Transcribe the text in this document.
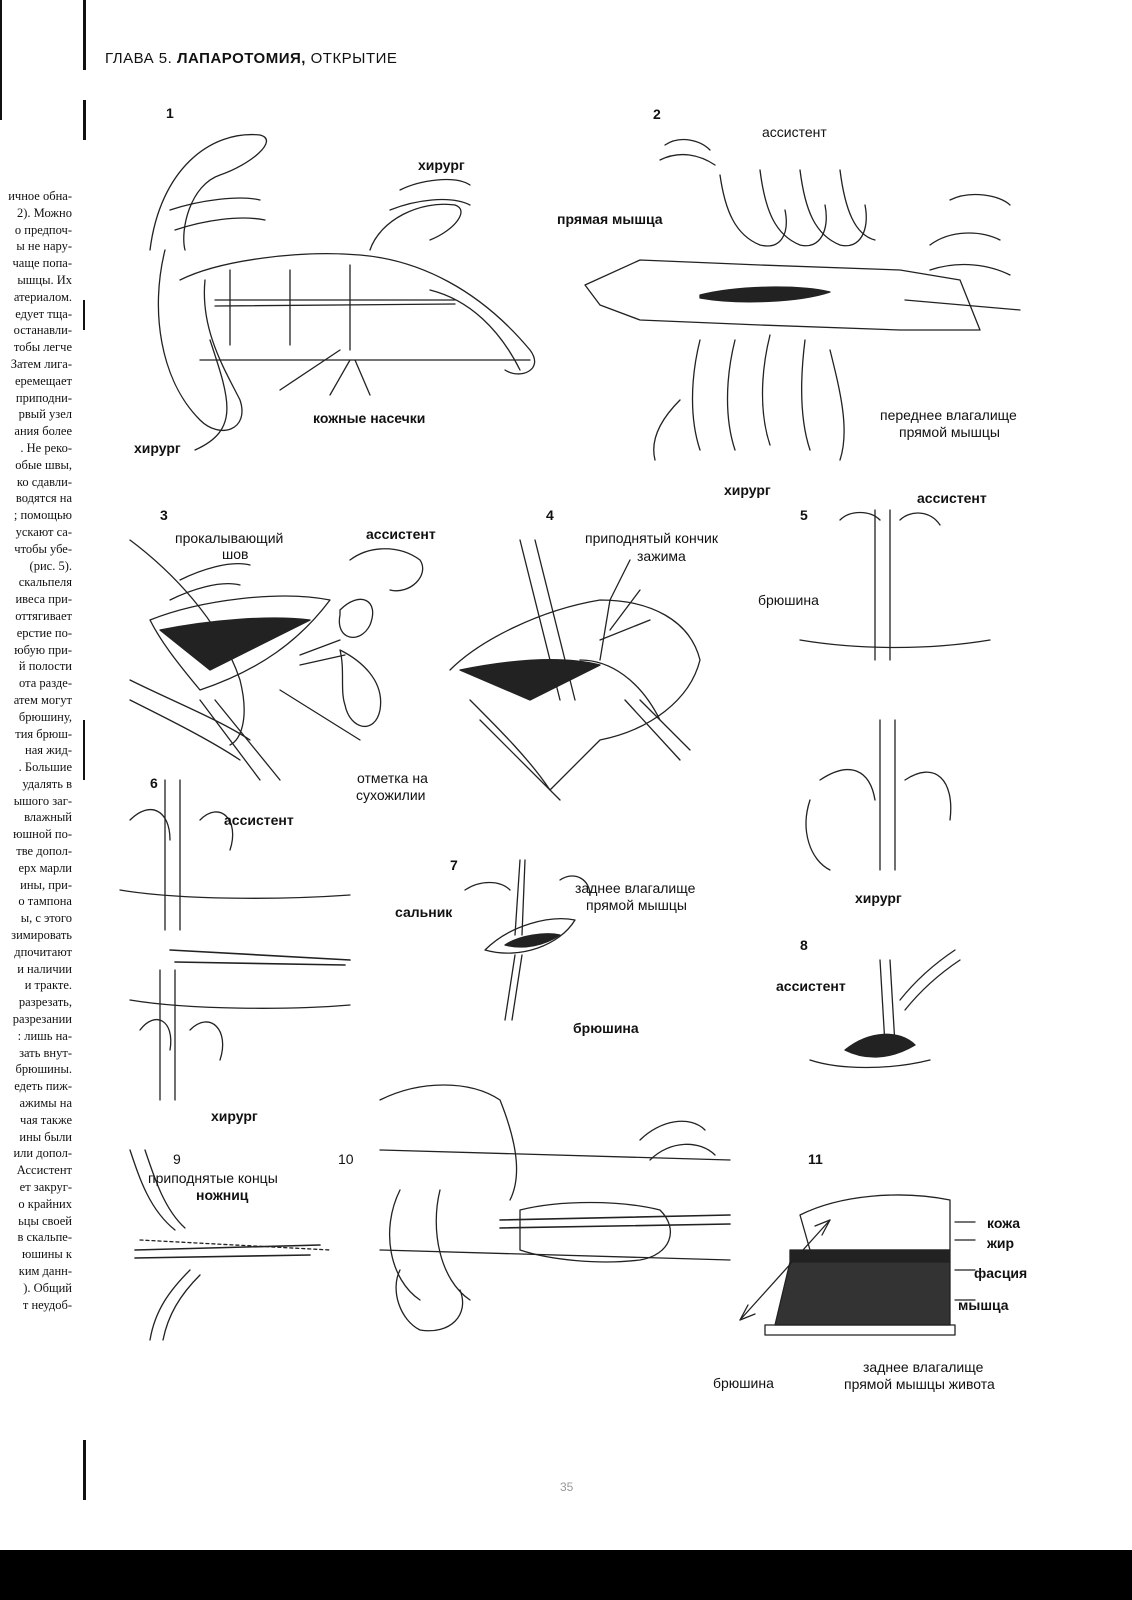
ГЛАВА 5. ЛАПАРОТОМИЯ, ОТКРЫТИЕ
ичное обна-
2). Можно
о предпоч-
ы не нару-
чаще попа-
ышцы. Их
атериалом.
едует тща-
останавли-
тобы легче
Затем лига-
еремещает
приподни-
рвый узел
ания более
. Не реко-
обые швы,
ко сдавли-
водятся на
; помощью
ускают са-
чтобы убе-
(рис. 5).
скальпеля
ивеса при-
оттягивает
ерстие по-
юбую при-
й полости
ота разде-
атем могут
брюшину,
тия брюш-
ная жид-
. Большие
удалять в
ышого заг-
влажный
юшной по-
тве допол-
ерх марли
ины, при-
о тампона
ы, с этого
зимировать
дпочитают
и наличии
и тракте.
разрезать,
разрезании
: лишь на-
зать внут-
брюшины.
едеть пиж-
ажимы на
чая также
ины были
или допол-
Ассистент
ет закруг-
о крайних
ьцы своей
в скальпе-
юшины к
ким данн-
). Общий
т неудоб-
1
хирург
кожные насечки
хирург
2
ассистент
прямая мышца
переднее влагалище
прямой мышцы
хирург
3
прокалывающий
шов
ассистент
отметка на
сухожилии
4
приподнятый кончик
зажима
5
ассистент
брюшина
хирург
6
ассистент
хирург
7
сальник
заднее влагалище
прямой мышцы
брюшина
8
ассистент
9
приподнятые концы
ножниц
10	11
кожа
жир
фасция
мышца
брюшина
заднее влагалище
прямой мышцы живота
35
